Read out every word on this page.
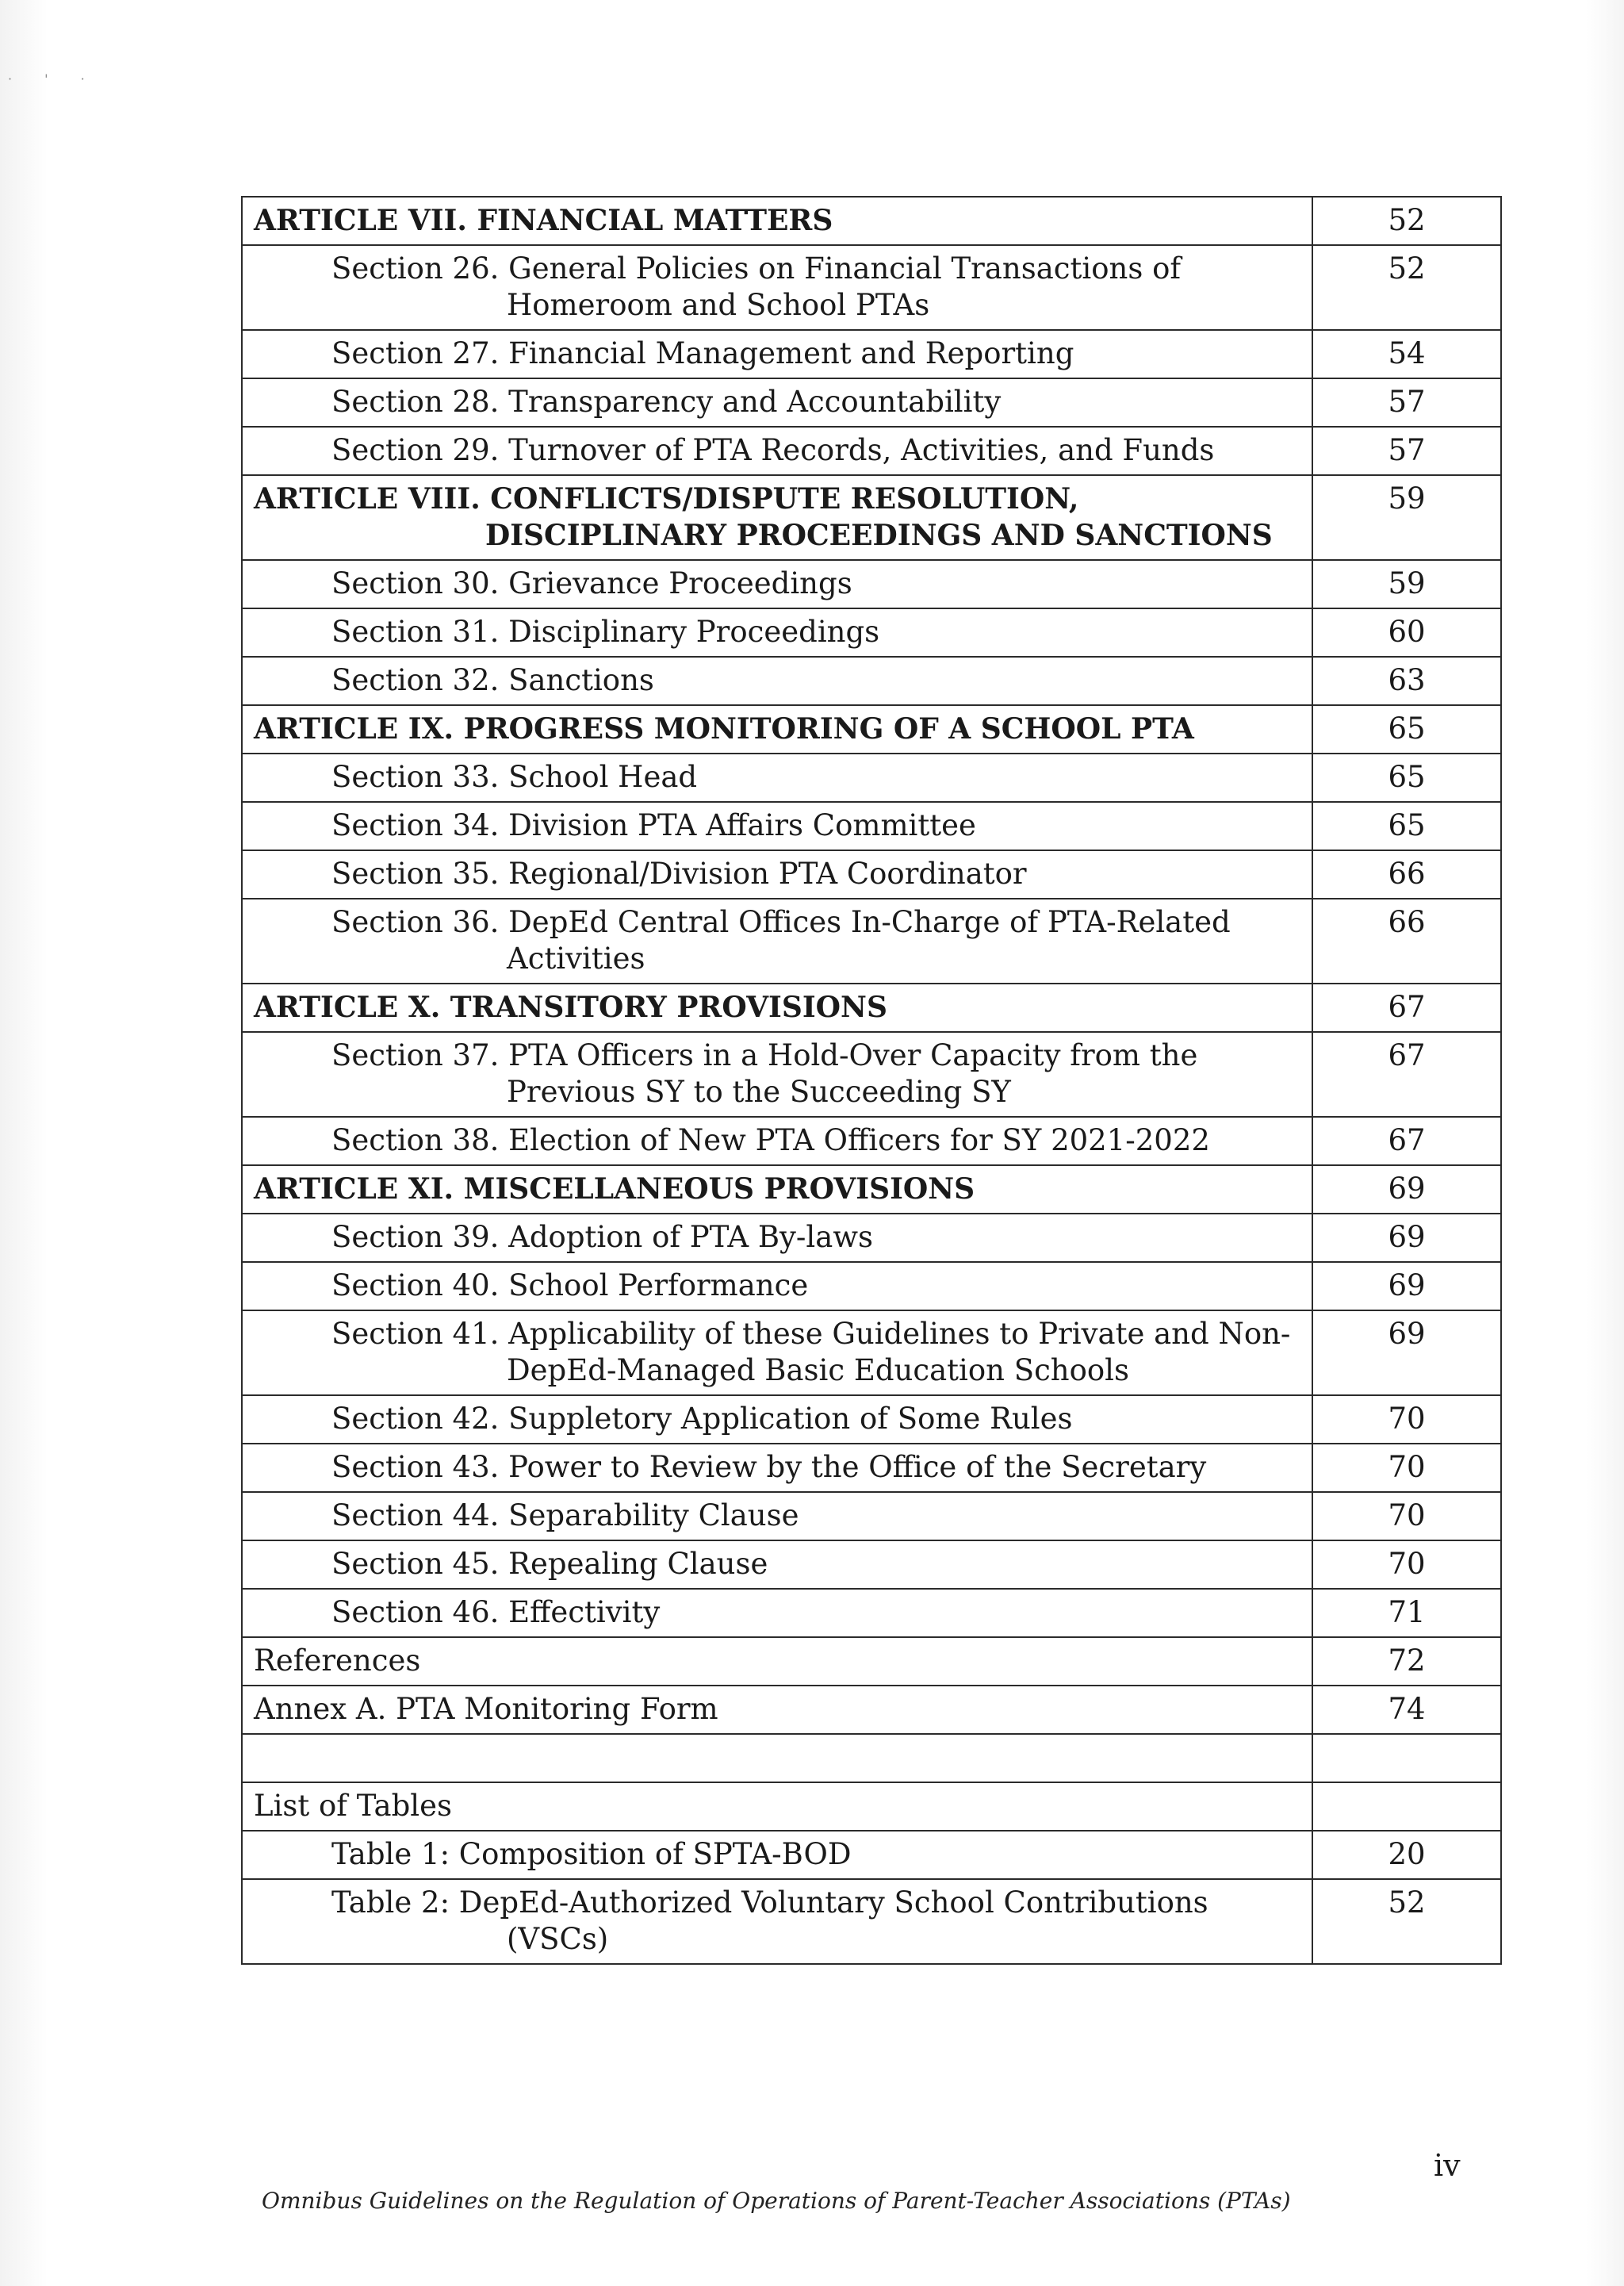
· ' ·
ARTICLE VII. FINANCIAL MATTERS	52

Section 26. General Policies on Financial Transactions of Homeroom and School PTAs	52

Section 27. Financial Management and Reporting	54

Section 28. Transparency and Accountability	57

Section 29. Turnover of PTA Records, Activities, and Funds	57

ARTICLE VIII. CONFLICTS/DISPUTE RESOLUTION, DISCIPLINARY PROCEEDINGS AND SANCTIONS	59

Section 30. Grievance Proceedings	59

Section 31. Disciplinary Proceedings	60

Section 32. Sanctions	63

ARTICLE IX. PROGRESS MONITORING OF A SCHOOL PTA	65

Section 33. School Head	65

Section 34. Division PTA Affairs Committee	65

Section 35. Regional/Division PTA Coordinator	66

Section 36. DepEd Central Offices In-Charge of PTA-Related Activities	66

ARTICLE X. TRANSITORY PROVISIONS	67

Section 37. PTA Officers in a Hold-Over Capacity from the Previous SY to the Succeeding SY	67

Section 38. Election of New PTA Officers for SY 2021-2022	67

ARTICLE XI. MISCELLANEOUS PROVISIONS	69

Section 39. Adoption of PTA By-laws	69

Section 40. School Performance	69

Section 41. Applicability of these Guidelines to Private and Non-DepEd-Managed Basic Education Schools	69

Section 42. Suppletory Application of Some Rules	70

Section 43. Power to Review by the Office of the Secretary	70

Section 44. Separability Clause	70

Section 45. Repealing Clause	70

Section 46. Effectivity	71
References	72
Annex A. PTA Monitoring Form	74

List of Tables	

Table 1: Composition of SPTA-BOD	20

Table 2: DepEd-Authorized Voluntary School Contributions (VSCs)	52
iv
Omnibus Guidelines on the Regulation of Operations of Parent-Teacher Associations (PTAs)
